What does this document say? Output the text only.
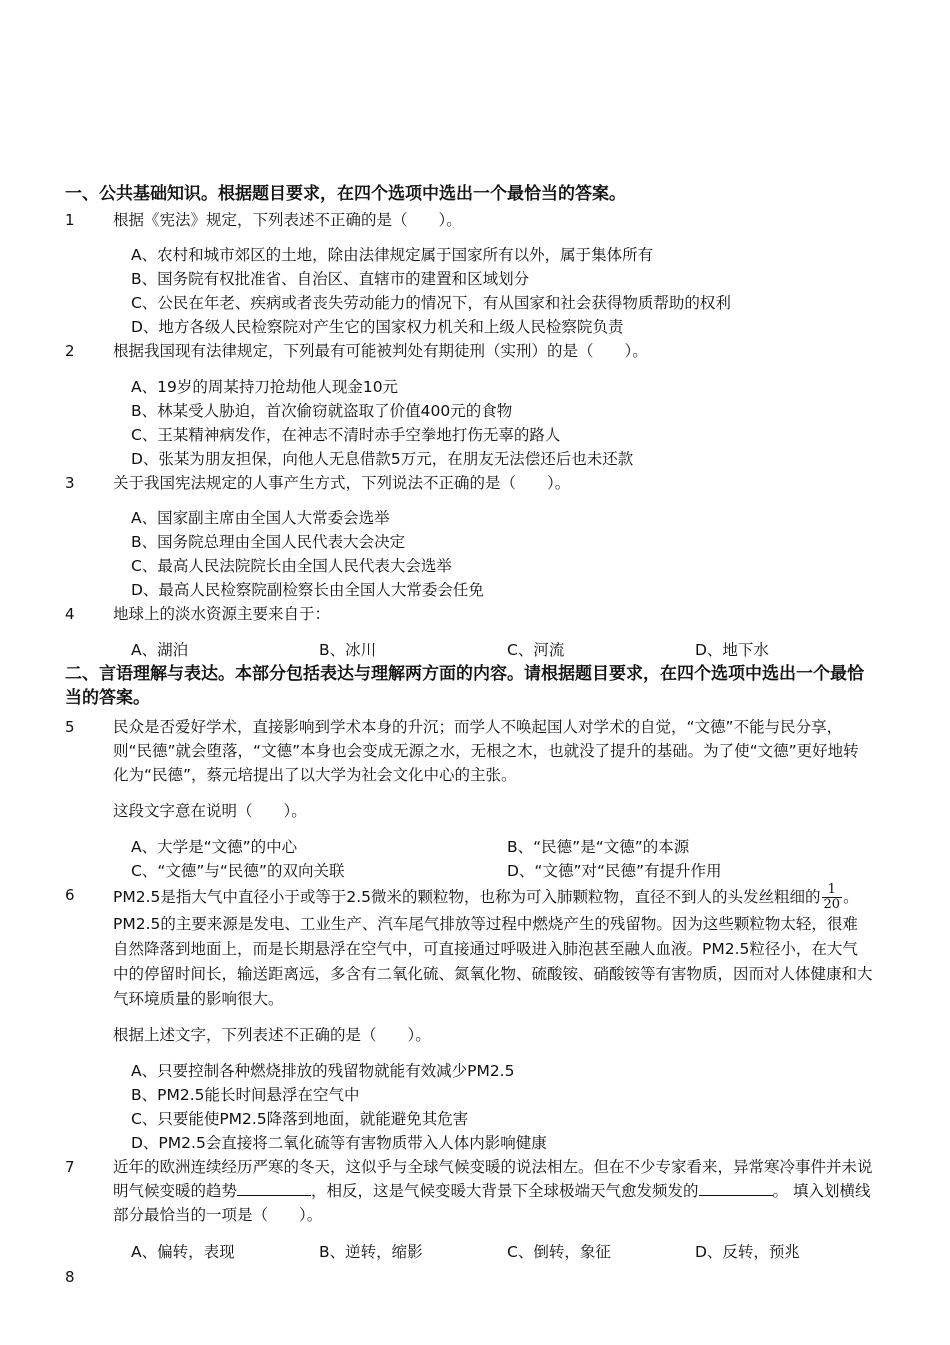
一、公共基础知识。根据题目要求，在四个选项中选出一个最恰当的答案。
1 根据《宪法》规定，下列表述不正确的是（　　）。
A、农村和城市郊区的土地，除由法律规定属于国家所有以外，属于集体所有
B、国务院有权批准省、自治区、直辖市的建置和区域划分
C、公民在年老、疾病或者丧失劳动能力的情况下，有从国家和社会获得物质帮助的权利
D、地方各级人民检察院对产生它的国家权力机关和上级人民检察院负责
2 根据我国现有法律规定，下列最有可能被判处有期徒刑（实刑）的是（　　）。
A、19岁的周某持刀抢劫他人现金10元
B、林某受人胁迫，首次偷窃就盗取了价值400元的食物
C、王某精神病发作，在神志不清时赤手空拳地打伤无辜的路人
D、张某为朋友担保，向他人无息借款5万元，在朋友无法偿还后也未还款
3 关于我国宪法规定的人事产生方式，下列说法不正确的是（　　）。
A、国家副主席由全国人大常委会选举
B、国务院总理由全国人民代表大会决定
C、最高人民法院院长由全国人民代表大会选举
D、最高人民检察院副检察长由全国人大常委会任免
4 地球上的淡水资源主要来自于：
A、湖泊	B、冰川	C、河流	D、地下水
二、言语理解与表达。本部分包括表达与理解两方面的内容。请根据题目要求，在四个选项中选出一个最恰当的答案。
5 民众是否爱好学术，直接影响到学术本身的升沉；而学人不唤起国人对学术的自觉，“文德”不能与民分享，则“民德”就会堕落，“文德”本身也会变成无源之水，无根之木，也就没了提升的基础。为了使“文德”更好地转化为“民德”，蔡元培提出了以大学为社会文化中心的主张。
这段文字意在说明（　　）。
A、大学是“文德”的中心	B、“民德”是“文德”的本源
C、“文德”与“民德”的双向关联	D、“文德”对“民德”有提升作用
6 PM2.5是指大气中直径小于或等于2.5微米的颗粒物，也称为可入肺颗粒物，直径不到人的头发丝粗细的 $\frac{1}{20}$ 。PM2.5的主要来源是发电、工业生产、汽车尾气排放等过程中燃烧产生的残留物。因为这些颗粒物太轻，很难自然降落到地面上，而是长期悬浮在空气中，可直接通过呼吸进入肺泡甚至融人血液。PM2.5粒径小，在大气中的停留时间长，输送距离远，多含有二氧化硫、氮氧化物、硫酸铵、硝酸铵等有害物质，因而对人体健康和大气环境质量的影响很大。
根据上述文字，下列表述不正确的是（　　）。
A、只要控制各种燃烧排放的残留物就能有效减少PM2.5
B、PM2.5能长时间悬浮在空气中
C、只要能使PM2.5降落到地面，就能避免其危害
D、PM2.5会直接将二氧化硫等有害物质带入人体内影响健康
7 近年的欧洲连续经历严寒的冬天，这似乎与全球气候变暖的说法相左。但在不少专家看来，异常寒冷事件并未说明气候变暖的趋势	，相反，这是气候变暖大背景下全球极端天气愈发频发的	。 填入划横线部分最恰当的一项是（　　）。
A、偏转，表现	B、逆转，缩影	C、倒转，象征	D、反转，预兆
8
